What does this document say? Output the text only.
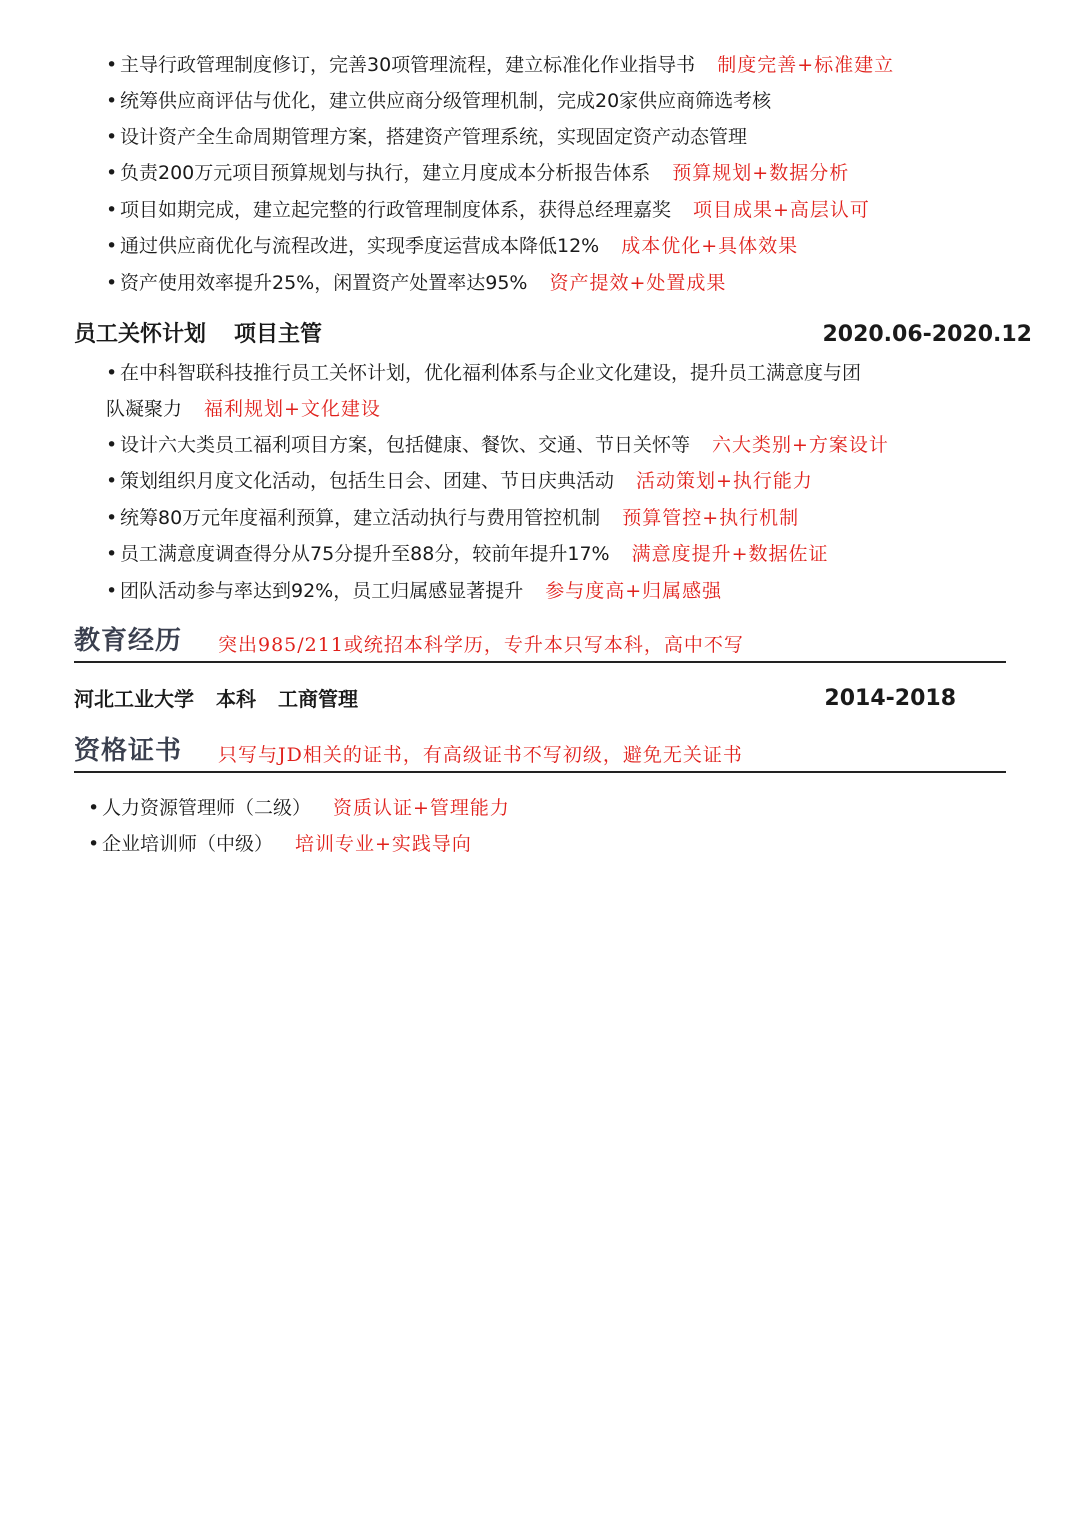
• 主导行政管理制度修订，完善30项管理流程，建立标准化作业指导书 制度完善+标准建立
• 统筹供应商评估与优化，建立供应商分级管理机制，完成20家供应商筛选考核
• 设计资产全生命周期管理方案，搭建资产管理系统，实现固定资产动态管理
• 负责200万元项目预算规划与执行，建立月度成本分析报告体系 预算规划+数据分析
• 项目如期完成，建立起完整的行政管理制度体系，获得总经理嘉奖 项目成果+高层认可
• 通过供应商优化与流程改进，实现季度运营成本降低12% 成本优化+具体效果
• 资产使用效率提升25%，闲置资产处置率达95% 资产提效+处置成果
员工关怀计划 项目主管	2020.06-2020.12
• 在中科智联科技推行员工关怀计划，优化福利体系与企业文化建设，提升员工满意度与团
队凝聚力 福利规划+文化建设
• 设计六大类员工福利项目方案，包括健康、餐饮、交通、节日关怀等 六大类别+方案设计
• 策划组织月度文化活动，包括生日会、团建、节日庆典活动 活动策划+执行能力
• 统筹80万元年度福利预算，建立活动执行与费用管控机制 预算管控+执行机制
• 员工满意度调查得分从75分提升至88分，较前年提升17% 满意度提升+数据佐证
• 团队活动参与率达到92%，员工归属感显著提升 参与度高+归属感强
教育经历 突出985/211或统招本科学历，专升本只写本科，高中不写
河北工业大学 本科 工商管理	2014-2018
资格证书 只写与JD相关的证书，有高级证书不写初级，避免无关证书
• 人力资源管理师（二级） 资质认证+管理能力
• 企业培训师（中级） 培训专业+实践导向
